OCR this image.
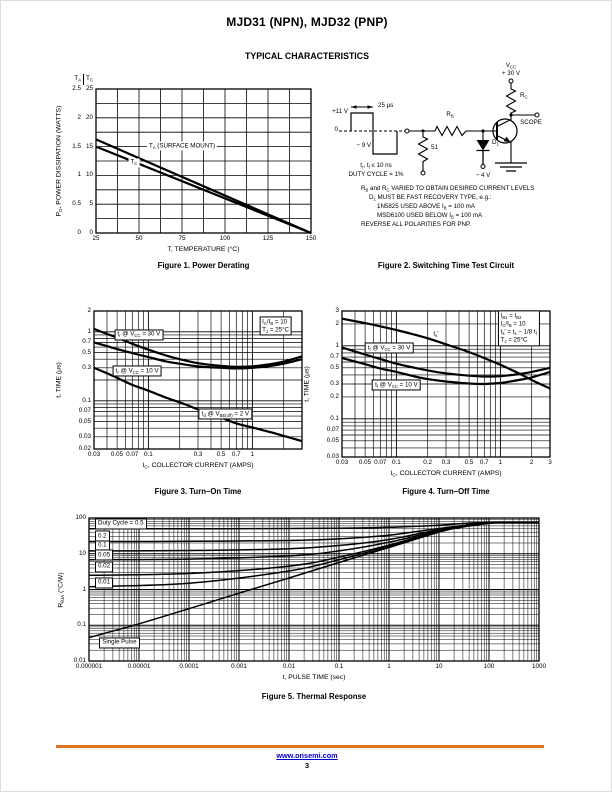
MJD31 (NPN), MJD32 (PNP)
TYPICAL CHARACTERISTICS
25	50	75	100	125	150
0
5
10
15
20
25
0
0.5
1
1.5
2
2.5
$T_A$ $T_C$
T, TEMPERATURE (°C)
$P_D$, POWER DISSIPATION (WATTS)	$T_A$ (SURFACE MOUNT)
$T_C$
Figure 1. Power Derating
$V_{CC}$
+ 30 V
$R_C$
SCOPE
$R_B$
51
$D_1$
− 4 V
25 μs
+11 V
0
− 9 V
$t_r$, $t_f \le 10$ ns
DUTY CYCLE = 1%
$R_B$ and $R_C$ VARIED TO OBTAIN DESIRED CURRENT LEVELS
$D_1$ MUST BE FAST RECOVERY TYPE, e.g.:
1N5825 USED ABOVE $I_B = 100$ mA
MSD6100 USED BELOW $I_B = 100$ mA
REVERSE ALL POLARITIES FOR PNP.
Figure 2. Switching Time Test Circuit
0.03 0.05 0.07 0.1	0.3 0.5 0.7 1
2
1
0.7
0.5
0.3
0.1
0.07
0.05
0.03
0.02
$I_C$, COLLECTOR CURRENT (AMPS)
t, TIME (μs)
$t_r$ @ $V_{CC} = 30$ V
$t_r$ @ $V_{CC} = 10$ V
$t_d$ @ $V_{BE(off)} = 2$ V
$I_C/I_B = 10$
$T_J = 25^\circ C$
Figure 3. Turn–On Time
0.03 0.05 0.07 0.1	0.2 0.3 0.5 0.7 1	2 3
3
2
1
0.7
0.5
0.3
0.2
0.1
0.07
0.05
0.03
$I_C$, COLLECTOR CURRENT (AMPS)
t, TIME (μs)
$t_s'$
$t_f$ @ $V_{CC} = 30$ V
$t_f$ @ $V_{CC} = 10$ V
$I_{B1} = I_{B2}$
$I_C/I_B = 10$
$t_s' = t_s - 1/8$ $t_f$
$T_J = 25^\circ C$
Figure 4. Turn–Off Time
0.000001	0.00001	0.0001	0.001	0.01	0.1	1	10	100	1000
100
10
1
0.1
0.01
t, PULSE TIME (sec)
$R_{\theta JA}$ (°C/W)
Duty Cycle = 0.5
0.2
0.1
0.05
0.02
0.01
Single Pulse
Figure 5. Thermal Response
www.onsemi.com
3
